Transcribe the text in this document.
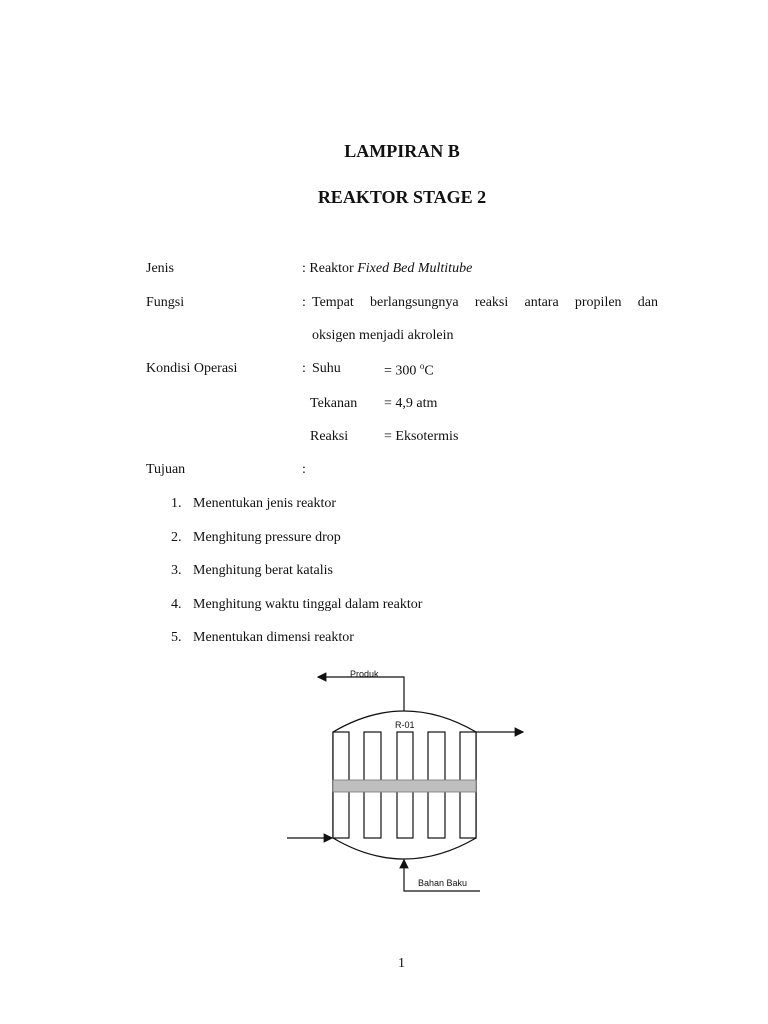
LAMPIRAN B
REAKTOR STAGE 2
Jenis	: Reaktor Fixed Bed Multitube
Fungsi	: Tempat berlangsungnya reaksi antara propilen dan
oksigen menjadi akrolein
Kondisi Operasi	: Suhu	= 300 $^o$C
Tekanan = 4,9 atm
Reaksi	= Eksotermis
Tujuan	:
1. Menentukan jenis reaktor
2. Menghitung pressure drop
3. Menghitung berat katalis
4. Menghitung waktu tinggal dalam reaktor
5. Menentukan dimensi reaktor
Produk
R-01
Bahan Baku
1
